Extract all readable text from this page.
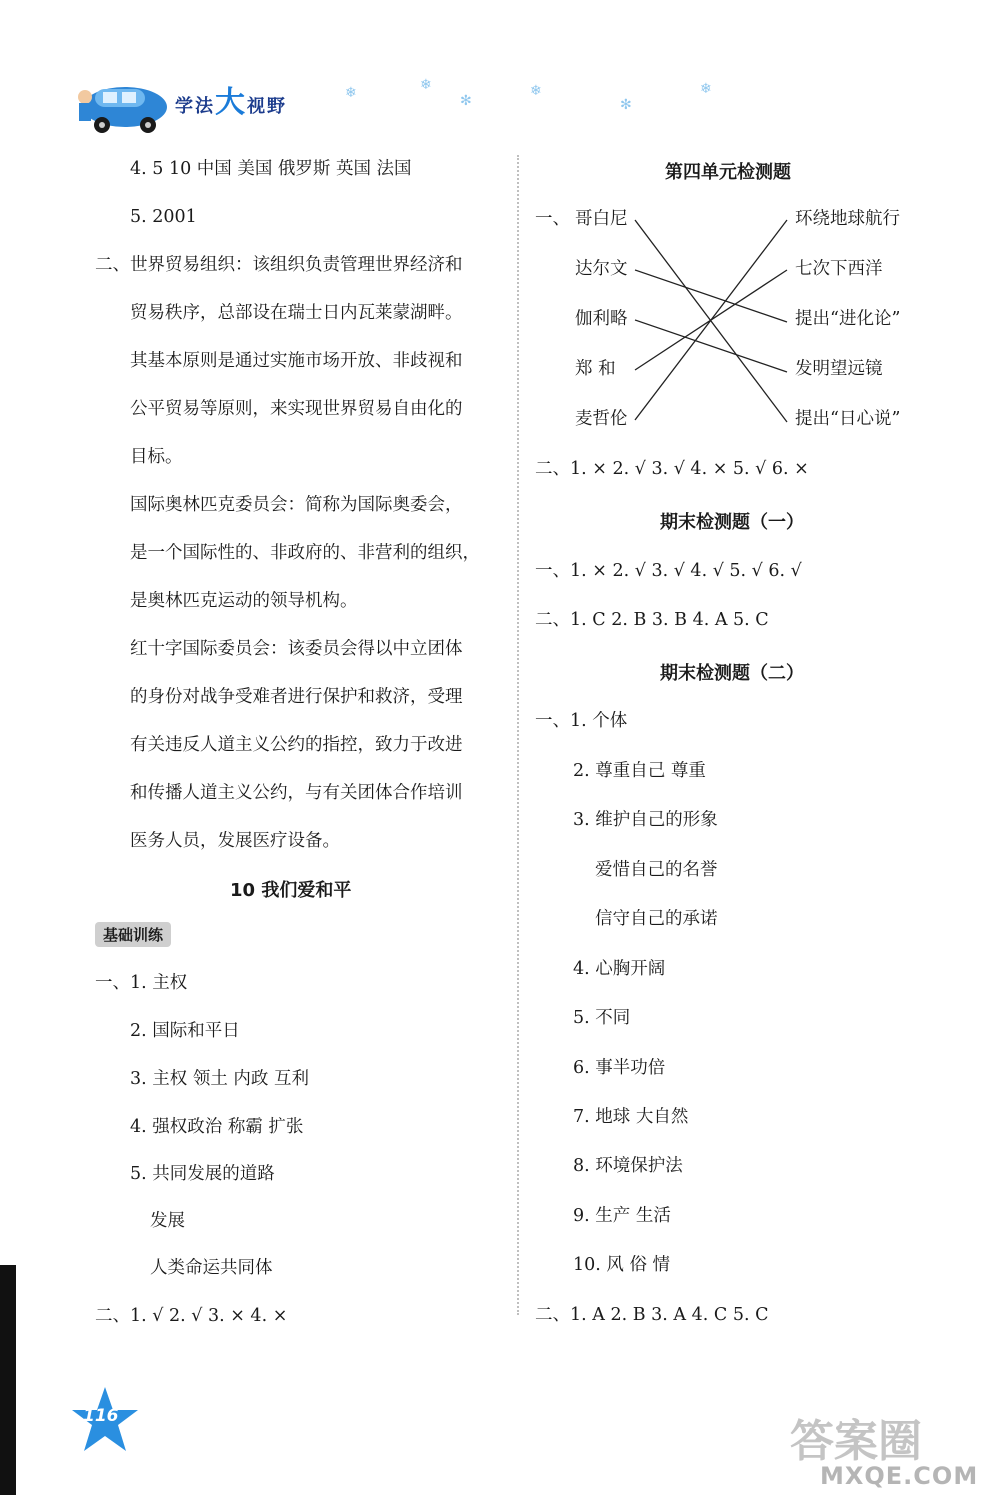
学法大视野
❄	❄
✻
❄
✻
❄
4. 5 10 中国 美国 俄罗斯 英国 法国
5. 2001
二、世界贸易组织：该组织负责管理世界经济和
贸易秩序，总部设在瑞士日内瓦莱蒙湖畔。
其基本原则是通过实施市场开放、非歧视和
公平贸易等原则，来实现世界贸易自由化的
目标。
国际奥林匹克委员会：简称为国际奥委会，
是一个国际性的、非政府的、非营利的组织，
是奥林匹克运动的领导机构。
红十字国际委员会：该委员会得以中立团体
的身份对战争受难者进行保护和救济，受理
有关违反人道主义公约的指控，致力于改进
和传播人道主义公约，与有关团体合作培训
医务人员，发展医疗设备。
10 我们爱和平
基础训练
一、1. 主权
2. 国际和平日
3. 主权 领土 内政 互利
4. 强权政治 称霸 扩张
5. 共同发展的道路
发展
人类命运共同体
二、1. √ 2. √ 3. × 4. ×
第四单元检测题
一、 哥白尼
达尔文
伽利略
郑 和
麦哲伦
环绕地球航行
七次下西洋
提出“进化论”
发明望远镜
提出“日心说”
二、1. × 2. √ 3. √ 4. × 5. √ 6. ×
期末检测题（一）
一、1. × 2. √ 3. √ 4. √ 5. √ 6. √
二、1. C 2. B 3. B 4. A 5. C
期末检测题（二）
一、1. 个体
2. 尊重自己 尊重
3. 维护自己的形象
爱惜自己的名誉
信守自己的承诺
4. 心胸开阔
5. 不同
6. 事半功倍
7. 地球 大自然
8. 环境保护法
9. 生产 生活
10. 风 俗 情
二、1. A 2. B 3. A 4. C 5. C
116	答案圈
MXQE.COM
